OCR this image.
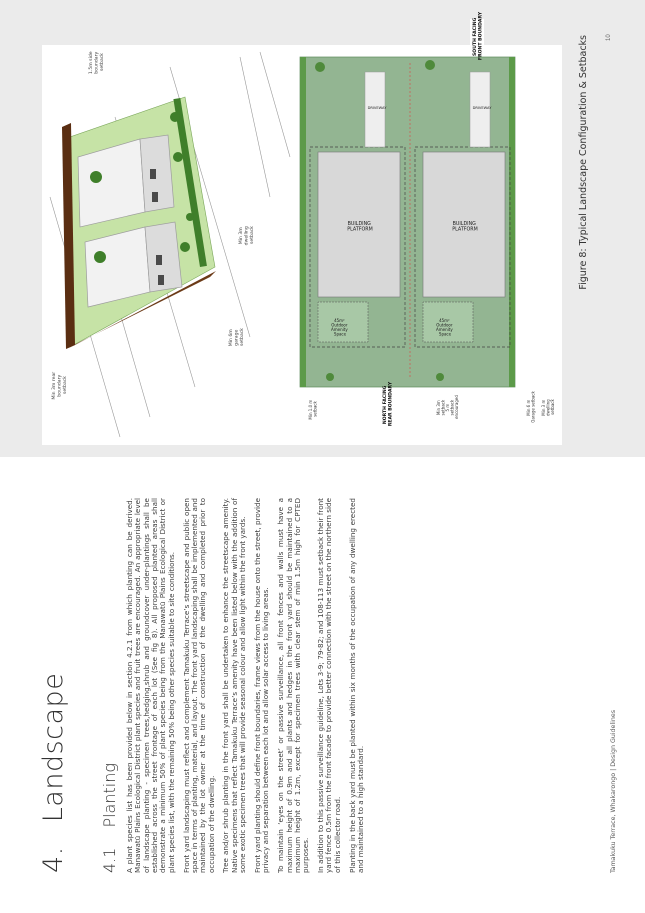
4.Landscape
4.1Planting A plant species list has been provided below in section 4.2.1 from which planting can be derived. Manawatū Plains Ecological District plant species and fruit trees are encouraged. An appropriate level of landscape planting - specimen trees,hedging,shrub and groundcover under-plantings shall be established across the street frontage of each lot (See fig 8). All proposed planted areas shall demonstrate a minimum 50% of plant species being from the Manawatū Plains Ecological District or plant species list, with the remaining 50% being other species suitable to site conditions. Front yard landscaping must reflect and complement Tamakuku Terrace’s streetscape and public open space in terms of planting, material, and layout. The front yard landscaping shall be implemented and maintained by the lot owner at the time of construction of the dwelling and completed prior to occupation of the dwelling. Tree and/or shrub planting in the front yard shall be undertaken to enhance the streetscape amenity. Native specimens that reflect Tamakuku Terrace’s amenity have been listed below with the addition of some exotic specimen trees that will provide seasonal colour and allow light within the front yards. Front yard planting should define front boundaries, frame views from the house onto the street, provide privacy and separation between each lot and allow solar access to living areas. To maintain ‘eyes on the street’ or passive surveillance, all front fences and walls must have a maximum height of 0.9m and all plants and hedges in the front yard should be maintained to a maximum height of 1.2m, except for specimen trees with clear stem of min 1.5m high for CPTED purposes. In addition to this passive surveillance guideline, Lots 3-9; 79-82; and 108-113 must setback their front yard fence 0.5m from the front facade to provide better connection with the street on the northern side of this collector road. Planting in the back yard must be planted within six months of the occupation of any dwelling erected and maintained to a high standard.	Tamakuku Terrace, Whakarongo | Design Guidelines
Min 3m rear boundary setback
1.5m side boundary setback
Min 6m garage setback
Min 3m dwelling setback
BUILDING PLATFORM
BUILDING PLATFORM
45m² Outdoor Amenity Space
45m² Outdoor Amenity Space
DRIVEWAY	DRIVEWAY
NORTH FACING REAR BOUNDARY
SOUTH FACING FRONT BOUNDARY
Min 1.0 m setback	Min 3m setback 5 m setback encouraged	Min 6 m Garage setback Min 3 m dwelling setback
Figure 8: Typical Landscape Configuration & Setbacks	10
